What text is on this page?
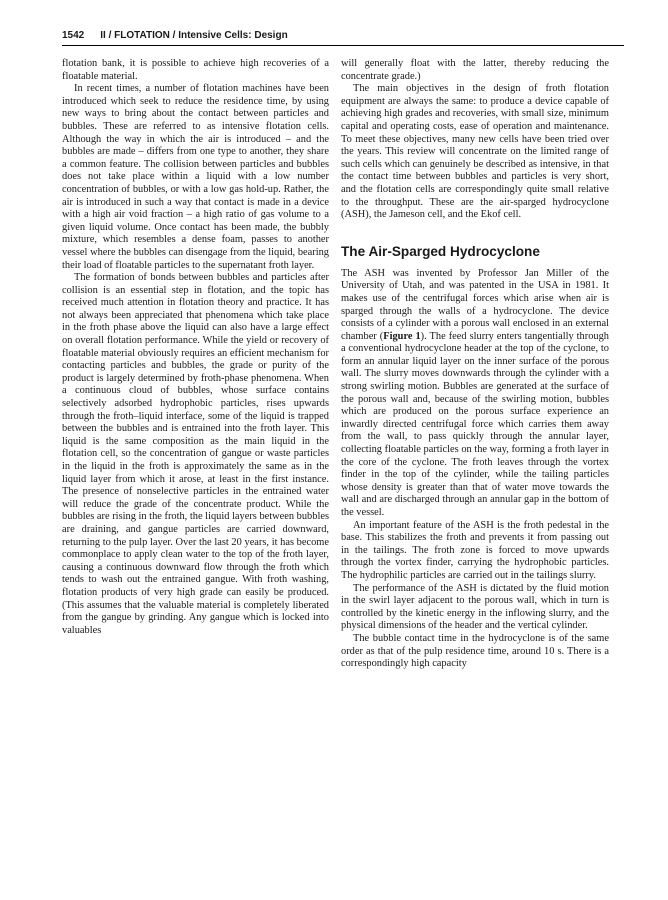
1542 II / FLOTATION / Intensive Cells: Design

flotation bank, it is possible to achieve high recoveries of a floatable material.

In recent times, a number of flotation machines have been introduced which seek to reduce the residence time, by using new ways to bring about the contact between particles and bubbles. These are referred to as intensive flotation cells. Although the way in which the air is introduced – and the bubbles are made – differs from one type to another, they share a common feature. The collision between particles and bubbles does not take place within a liquid with a low number concentration of bubbles, or with a low gas hold-up. Rather, the air is introduced in such a way that contact is made in a device with a high air void fraction – a high ratio of gas volume to a given liquid volume. Once contact has been made, the bubbly mixture, which resembles a dense foam, passes to another vessel where the bubbles can disengage from the liquid, bearing their load of floatable particles to the supernatant froth layer.

The formation of bonds between bubbles and particles after collision is an essential step in flotation, and the topic has received much attention in flotation theory and practice. It has not always been appreciated that phenomena which take place in the froth phase above the liquid can also have a large effect on overall flotation performance. While the yield or recovery of floatable material obviously requires an efficient mechanism for contacting particles and bubbles, the grade or purity of the product is largely determined by froth-phase phenomena. When a continuous cloud of bubbles, whose surface contains selectively adsorbed hydrophobic particles, rises upwards through the froth–liquid interface, some of the liquid is trapped between the bubbles and is entrained into the froth layer. This liquid is the same composition as the main liquid in the flotation cell, so the concentration of gangue or waste particles in the liquid in the froth is approximately the same as in the liquid layer from which it arose, at least in the first instance. The presence of nonselective particles in the entrained water will reduce the grade of the concentrate product. While the bubbles are rising in the froth, the liquid layers between bubbles are draining, and gangue particles are carried downward, returning to the pulp layer. Over the last 20 years, it has become commonplace to apply clean water to the top of the froth layer, causing a continuous downward flow through the froth which tends to wash out the entrained gangue. With froth washing, flotation products of very high grade can easily be produced. (This assumes that the valuable material is completely liberated from the gangue by grinding. Any gangue which is locked into valuables

will generally float with the latter, thereby reducing the concentrate grade.)

The main objectives in the design of froth flotation equipment are always the same: to produce a device capable of achieving high grades and recoveries, with small size, minimum capital and operating costs, ease of operation and maintenance. To meet these objectives, many new cells have been tried over the years. This review will concentrate on the limited range of such cells which can genuinely be described as intensive, in that the contact time between bubbles and particles is very short, and the flotation cells are correspondingly quite small relative to the throughput. These are the air-sparged hydrocyclone (ASH), the Jameson cell, and the Ekof cell.

The Air-Sparged Hydrocyclone

The ASH was invented by Professor Jan Miller of the University of Utah, and was patented in the USA in 1981. It makes use of the centrifugal forces which arise when air is sparged through the walls of a hydrocyclone. The device consists of a cylinder with a porous wall enclosed in an external chamber (Figure 1). The feed slurry enters tangentially through a conventional hydrocyclone header at the top of the cyclone, to form an annular liquid layer on the inner surface of the porous wall. The slurry moves downwards through the cylinder with a strong swirling motion. Bubbles are generated at the surface of the porous wall and, because of the swirling motion, bubbles which are produced on the porous surface experience an inwardly directed centrifugal force which carries them away from the wall, to pass quickly through the annular layer, collecting floatable particles on the way, forming a froth layer in the core of the cyclone. The froth leaves through the vortex finder in the top of the cylinder, while the tailing particles whose density is greater than that of water move towards the wall and are discharged through an annular gap in the bottom of the vessel.

An important feature of the ASH is the froth pedestal in the base. This stabilizes the froth and prevents it from passing out in the tailings. The froth zone is forced to move upwards through the vortex finder, carrying the hydrophobic particles. The hydrophilic particles are carried out in the tailings slurry.

The performance of the ASH is dictated by the fluid motion in the swirl layer adjacent to the porous wall, which in turn is controlled by the kinetic energy in the inflowing slurry, and the physical dimensions of the header and the vertical cylinder.

The bubble contact time in the hydrocyclone is of the same order as that of the pulp residence time, around 10 s. There is a correspondingly high capacity
